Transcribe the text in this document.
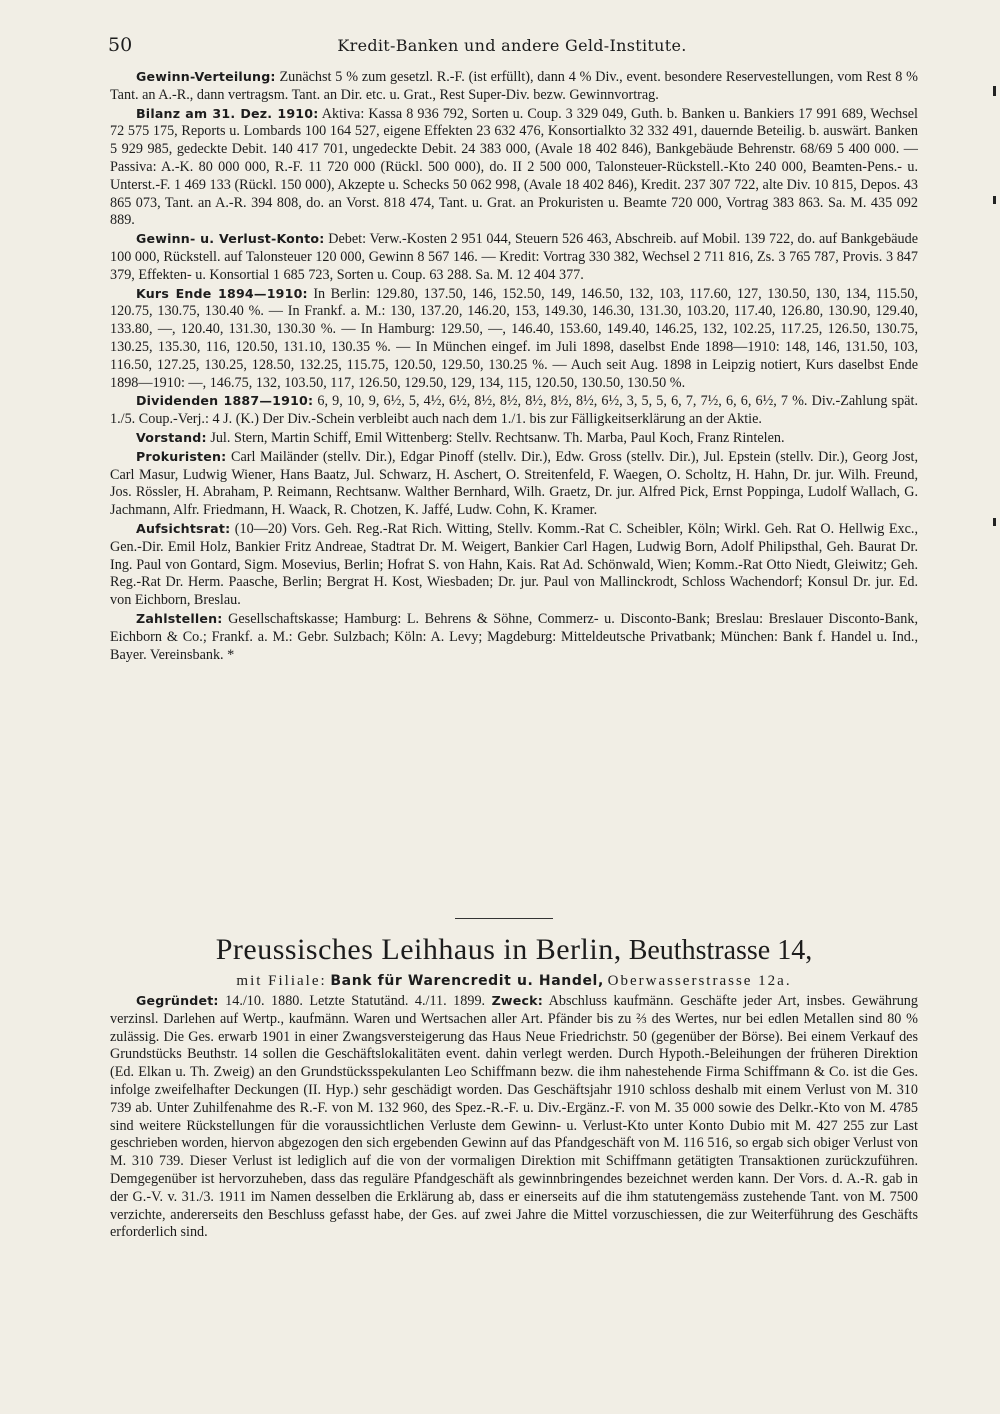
50	Kredit-Banken und andere Geld-Institute.

Gewinn-Verteilung: Zunächst 5 % zum gesetzl. R.-F. (ist erfüllt), dann 4 % Div., event. besondere Reservestellungen, vom Rest 8 % Tant. an A.-R., dann vertragsm. Tant. an Dir. etc. u. Grat., Rest Super-Div. bezw. Gewinnvortrag.

Bilanz am 31. Dez. 1910: Aktiva: Kassa 8 936 792, Sorten u. Coup. 3 329 049, Guth. b. Banken u. Bankiers 17 991 689, Wechsel 72 575 175, Reports u. Lombards 100 164 527, eigene Effekten 23 632 476, Konsortialkto 32 332 491, dauernde Beteilig. b. auswärt. Banken 5 929 985, gedeckte Debit. 140 417 701, ungedeckte Debit. 24 383 000, (Avale 18 402 846), Bankgebäude Behrenstr. 68/69 5 400 000. — Passiva: A.-K. 80 000 000, R.-F. 11 720 000 (Rückl. 500 000), do. II 2 500 000, Talonsteuer-Rückstell.-Kto 240 000, Beamten-Pens.- u. Unterst.-F. 1 469 133 (Rückl. 150 000), Akzepte u. Schecks 50 062 998, (Avale 18 402 846), Kredit. 237 307 722, alte Div. 10 815, Depos. 43 865 073, Tant. an A.-R. 394 808, do. an Vorst. 818 474, Tant. u. Grat. an Prokuristen u. Beamte 720 000, Vortrag 383 863. Sa. M. 435 092 889.

Gewinn- u. Verlust-Konto: Debet: Verw.-Kosten 2 951 044, Steuern 526 463, Abschreib. auf Mobil. 139 722, do. auf Bankgebäude 100 000, Rückstell. auf Talonsteuer 120 000, Gewinn 8 567 146. — Kredit: Vortrag 330 382, Wechsel 2 711 816, Zs. 3 765 787, Provis. 3 847 379, Effekten- u. Konsortial 1 685 723, Sorten u. Coup. 63 288. Sa. M. 12 404 377.

Kurs Ende 1894—1910: In Berlin: 129.80, 137.50, 146, 152.50, 149, 146.50, 132, 103, 117.60, 127, 130.50, 130, 134, 115.50, 120.75, 130.75, 130.40 %. — In Frankf. a. M.: 130, 137.20, 146.20, 153, 149.30, 146.30, 131.30, 103.20, 117.40, 126.80, 130.90, 129.40, 133.80, —, 120.40, 131.30, 130.30 %. — In Hamburg: 129.50, —, 146.40, 153.60, 149.40, 146.25, 132, 102.25, 117.25, 126.50, 130.75, 130.25, 135.30, 116, 120.50, 131.10, 130.35 %. — In München eingef. im Juli 1898, daselbst Ende 1898—1910: 148, 146, 131.50, 103, 116.50, 127.25, 130.25, 128.50, 132.25, 115.75, 120.50, 129.50, 130.25 %. — Auch seit Aug. 1898 in Leipzig notiert, Kurs daselbst Ende 1898—1910: —, 146.75, 132, 103.50, 117, 126.50, 129.50, 129, 134, 115, 120.50, 130.50, 130.50 %.

Dividenden 1887—1910: 6, 9, 10, 9, 6½, 5, 4½, 6½, 8½, 8½, 8½, 8½, 8½, 6½, 3, 5, 5, 6, 7, 7½, 6, 6, 6½, 7 %. Div.-Zahlung spät. 1./5. Coup.-Verj.: 4 J. (K.) Der Div.-Schein verbleibt auch nach dem 1./1. bis zur Fälligkeitserklärung an der Aktie.

Vorstand: Jul. Stern, Martin Schiff, Emil Wittenberg: Stellv. Rechtsanw. Th. Marba, Paul Koch, Franz Rintelen.

Prokuristen: Carl Mailänder (stellv. Dir.), Edgar Pinoff (stellv. Dir.), Edw. Gross (stellv. Dir.), Jul. Epstein (stellv. Dir.), Georg Jost, Carl Masur, Ludwig Wiener, Hans Baatz, Jul. Schwarz, H. Aschert, O. Streitenfeld, F. Waegen, O. Scholtz, H. Hahn, Dr. jur. Wilh. Freund, Jos. Rössler, H. Abraham, P. Reimann, Rechtsanw. Walther Bernhard, Wilh. Graetz, Dr. jur. Alfred Pick, Ernst Poppinga, Ludolf Wallach, G. Jachmann, Alfr. Friedmann, H. Waack, R. Chotzen, K. Jaffé, Ludw. Cohn, K. Kramer.

Aufsichtsrat: (10—20) Vors. Geh. Reg.-Rat Rich. Witting, Stellv. Komm.-Rat C. Scheibler, Köln; Wirkl. Geh. Rat O. Hellwig Exc., Gen.-Dir. Emil Holz, Bankier Fritz Andreae, Stadtrat Dr. M. Weigert, Bankier Carl Hagen, Ludwig Born, Adolf Philipsthal, Geh. Baurat Dr. Ing. Paul von Gontard, Sigm. Mosevius, Berlin; Hofrat S. von Hahn, Kais. Rat Ad. Schönwald, Wien; Komm.-Rat Otto Niedt, Gleiwitz; Geh. Reg.-Rat Dr. Herm. Paasche, Berlin; Bergrat H. Kost, Wiesbaden; Dr. jur. Paul von Mallinckrodt, Schloss Wachendorf; Konsul Dr. jur. Ed. von Eichborn, Breslau.

Zahlstellen: Gesellschaftskasse; Hamburg: L. Behrens & Söhne, Commerz- u. Disconto-Bank; Breslau: Breslauer Disconto-Bank, Eichborn & Co.; Frankf. a. M.: Gebr. Sulzbach; Köln: A. Levy; Magdeburg: Mitteldeutsche Privatbank; München: Bank f. Handel u. Ind., Bayer. Vereinsbank. *

Preussisches Leihhaus in Berlin, Beuthstrasse 14,
mit Filiale: Bank für Warencredit u. Handel, Oberwasserstrasse 12a.

Gegründet: 14./10. 1880. Letzte Statutänd. 4./11. 1899. Zweck: Abschluss kaufmänn. Geschäfte jeder Art, insbes. Gewährung verzinsl. Darlehen auf Wertp., kaufmänn. Waren und Wertsachen aller Art. Pfänder bis zu ⅔ des Wertes, nur bei edlen Metallen sind 80 % zulässig. Die Ges. erwarb 1901 in einer Zwangsversteigerung das Haus Neue Friedrichstr. 50 (gegenüber der Börse). Bei einem Verkauf des Grundstücks Beuthstr. 14 sollen die Geschäftslokalitäten event. dahin verlegt werden. Durch Hypoth.-Beleihungen der früheren Direktion (Ed. Elkan u. Th. Zweig) an den Grundstücksspekulanten Leo Schiffmann bezw. die ihm nahestehende Firma Schiffmann & Co. ist die Ges. infolge zweifelhafter Deckungen (II. Hyp.) sehr geschädigt worden. Das Geschäftsjahr 1910 schloss deshalb mit einem Verlust von M. 310 739 ab. Unter Zuhilfenahme des R.-F. von M. 132 960, des Spez.-R.-F. u. Div.-Ergänz.-F. von M. 35 000 sowie des Delkr.-Kto von M. 4785 sind weitere Rückstellungen für die voraussichtlichen Verluste dem Gewinn- u. Verlust-Kto unter Konto Dubio mit M. 427 255 zur Last geschrieben worden, hiervon abgezogen den sich ergebenden Gewinn auf das Pfandgeschäft von M. 116 516, so ergab sich obiger Verlust von M. 310 739. Dieser Verlust ist lediglich auf die von der vormaligen Direktion mit Schiffmann getätigten Transaktionen zurückzuführen. Demgegenüber ist hervorzuheben, dass das reguläre Pfandgeschäft als gewinnbringendes bezeichnet werden kann. Der Vors. d. A.-R. gab in der G.-V. v. 31./3. 1911 im Namen desselben die Erklärung ab, dass er einerseits auf die ihm statutengemäss zustehende Tant. von M. 7500 verzichte, andererseits den Beschluss gefasst habe, der Ges. auf zwei Jahre die Mittel vorzuschiessen, die zur Weiterführung des Geschäfts erforderlich sind.
